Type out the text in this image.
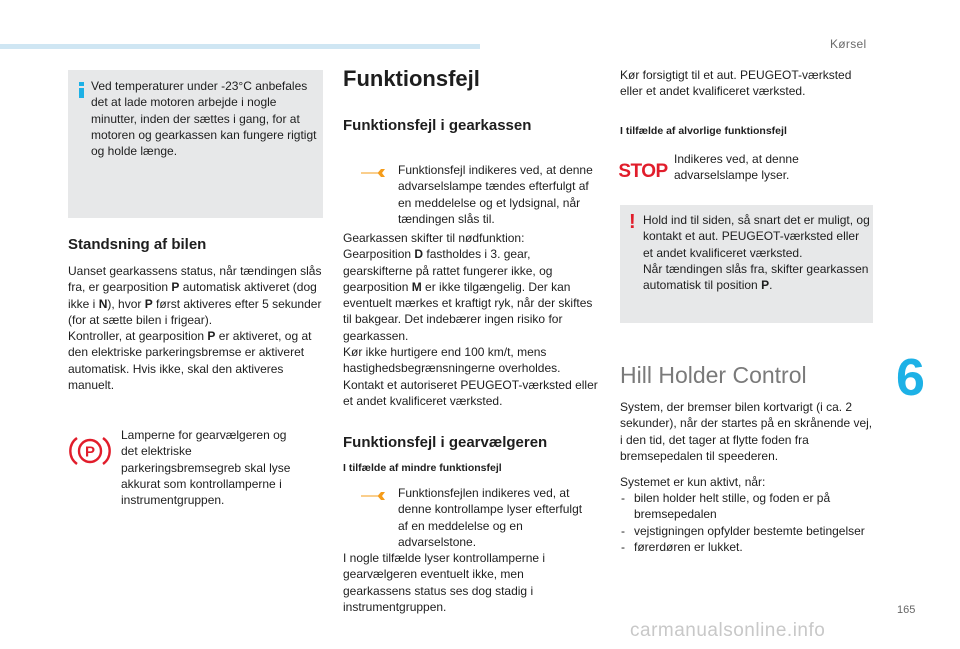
Kørsel
6
165
carmanualsonline.info
Ved temperaturer under -23°C anbefales det at lade motoren arbejde i nogle minutter, inden der sættes i gang, for at motoren og gearkassen kan fungere rigtigt og holde længe.
Standsning af bilen

Uanset gearkassens status, når tændingen slås fra, er gearposition P automatisk aktiveret (dog ikke i N), hvor P først aktiveres efter 5 sekunder (for at sætte bilen i frigear).

Kontroller, at gearposition P er aktiveret, og at den elektriske parkeringsbremse er aktiveret automatisk. Hvis ikke, skal den aktiveres manuelt.

P
Lamperne for gearvælgeren og det elektriske parkeringsbremsegreb skal lyse akkurat som kontrollamperne i instrumentgruppen.
Funktionsfejl
Funktionsfejl i gearkassen
Funktionsfejl indikeres ved, at denne advarselslampe tændes efterfulgt af en meddelelse og et lydsignal, når tændingen slås til.

Gearkassen skifter til nødfunktion:

Gearposition D fastholdes i 3. gear, gearskifterne på rattet fungerer ikke, og gearposition M er ikke tilgængelig. Der kan eventuelt mærkes et kraftigt ryk, når der skiftes til bakgear. Det indebærer ingen risiko for gearkassen.

Kør ikke hurtigere end 100 km/t, mens hastighedsbegrænsningerne overholdes.

Kontakt et autoriseret PEUGEOT-værksted eller et andet kvalificeret værksted.

Funktionsfejl i gearvælgeren
I tilfælde af mindre funktionsfejl
Funktionsfejlen indikeres ved, at denne kontrollampe lyser efterfulgt af en meddelelse og en advarselstone.
I nogle tilfælde lyser kontrollamperne i gearvælgeren eventuelt ikke, men gearkassens status ses dog stadig i instrumentgruppen.
Kør forsigtigt til et aut. PEUGEOT-værksted eller et andet kvalificeret værksted.
I tilfælde af alvorlige funktionsfejl
STOP
Indikeres ved, at denne advarselslampe lyser.
! Hold ind til siden, så snart det er muligt, og kontakt et aut. PEUGEOT-værksted eller et andet kvalificeret værksted.

Når tændingen slås fra, skifter gearkassen automatisk til position P.

Hill Holder Control
System, der bremser bilen kortvarigt (i ca. 2 sekunder), når der startes på en skrånende vej, i den tid, det tager at flytte foden fra bremsepedalen til speederen.
Systemet er kun aktivt, når:
- bilen holder helt stille, og foden er på bremsepedalen
- vejstigningen opfylder bestemte betingelser
- førerdøren er lukket.
